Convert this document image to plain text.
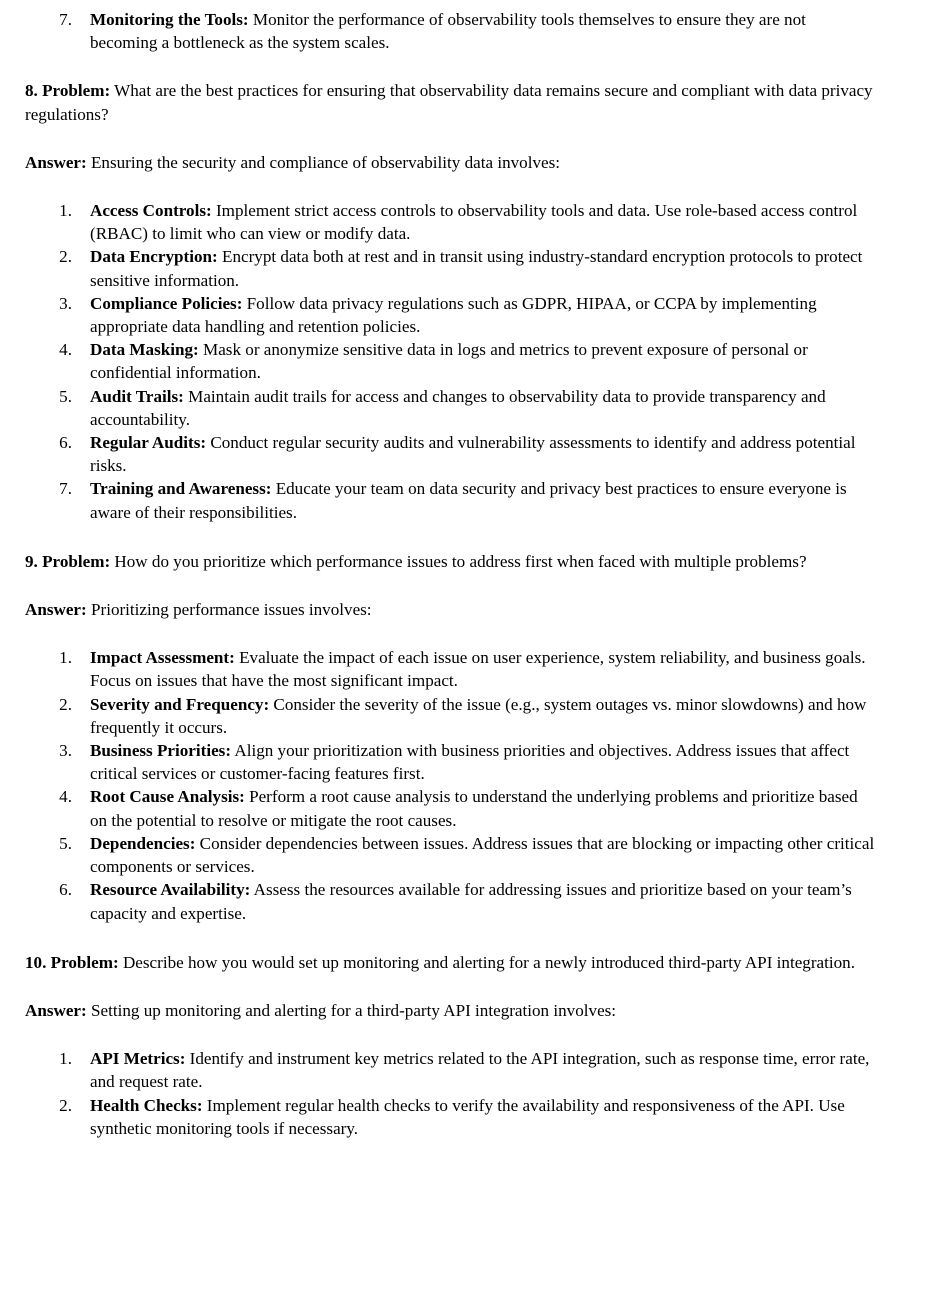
7. Monitoring the Tools: Monitor the performance of observability tools themselves to ensure they are not becoming a bottleneck as the system scales.

8. Problem: What are the best practices for ensuring that observability data remains secure and compliant with data privacy regulations?

Answer: Ensuring the security and compliance of observability data involves:

1. Access Controls: Implement strict access controls to observability tools and data. Use role-based access control (RBAC) to limit who can view or modify data.
2. Data Encryption: Encrypt data both at rest and in transit using industry-standard encryption protocols to protect sensitive information.
3. Compliance Policies: Follow data privacy regulations such as GDPR, HIPAA, or CCPA by implementing appropriate data handling and retention policies.
4. Data Masking: Mask or anonymize sensitive data in logs and metrics to prevent exposure of personal or confidential information.
5. Audit Trails: Maintain audit trails for access and changes to observability data to provide transparency and accountability.
6. Regular Audits: Conduct regular security audits and vulnerability assessments to identify and address potential risks.
7. Training and Awareness: Educate your team on data security and privacy best practices to ensure everyone is aware of their responsibilities.

9. Problem: How do you prioritize which performance issues to address first when faced with multiple problems?

Answer: Prioritizing performance issues involves:

1. Impact Assessment: Evaluate the impact of each issue on user experience, system reliability, and business goals. Focus on issues that have the most significant impact.
2. Severity and Frequency: Consider the severity of the issue (e.g., system outages vs. minor slowdowns) and how frequently it occurs.
3. Business Priorities: Align your prioritization with business priorities and objectives. Address issues that affect critical services or customer-facing features first.
4. Root Cause Analysis: Perform a root cause analysis to understand the underlying problems and prioritize based on the potential to resolve or mitigate the root causes.
5. Dependencies: Consider dependencies between issues. Address issues that are blocking or impacting other critical components or services.
6. Resource Availability: Assess the resources available for addressing issues and prioritize based on your team’s capacity and expertise.

10. Problem: Describe how you would set up monitoring and alerting for a newly introduced third-party API integration.

Answer: Setting up monitoring and alerting for a third-party API integration involves:

1. API Metrics: Identify and instrument key metrics related to the API integration, such as response time, error rate, and request rate.
2. Health Checks: Implement regular health checks to verify the availability and responsiveness of the API. Use synthetic monitoring tools if necessary.
